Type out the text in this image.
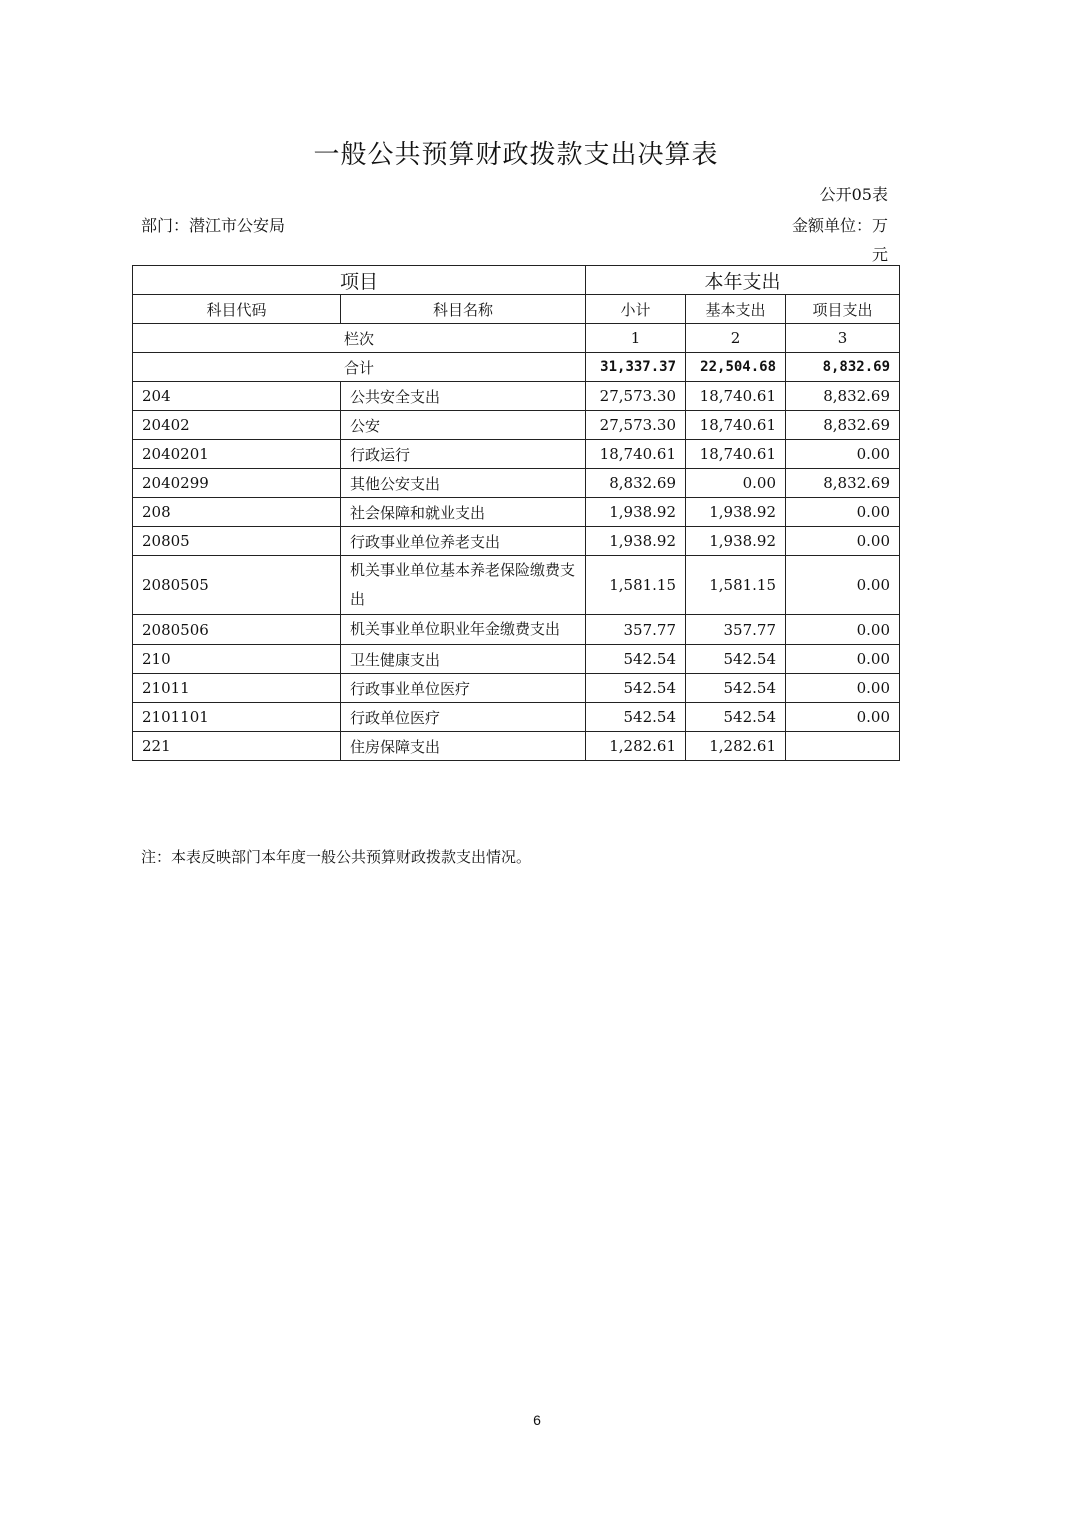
一般公共预算财政拨款支出决算表
公开05表
部门：潜江市公安局	金额单位：万元
项目		本年支出		
科目代码	科目名称	小计	基本支出	项目支出
栏次		1	2	3
合计		31,337.37	22,504.68	8,832.69
204	公共安全支出	27,573.30	18,740.61	8,832.69
20402	公安	27,573.30	18,740.61	8,832.69
2040201	行政运行	18,740.61	18,740.61	0.00
2040299	其他公安支出	8,832.69	0.00	8,832.69
208	社会保障和就业支出	1,938.92	1,938.92	0.00
20805	行政事业单位养老支出	1,938.92	1,938.92	0.00
2080505	机关事业单位基本养老保险缴费支出	1,581.15	1,581.15	0.00
2080506	机关事业单位职业年金缴费支出	357.77	357.77	0.00
210	卫生健康支出	542.54	542.54	0.00
21011	行政事业单位医疗	542.54	542.54	0.00
2101101	行政单位医疗	542.54	542.54	0.00
221	住房保障支出	1,282.61	1,282.61	
注：本表反映部门本年度一般公共预算财政拨款支出情况。
6
